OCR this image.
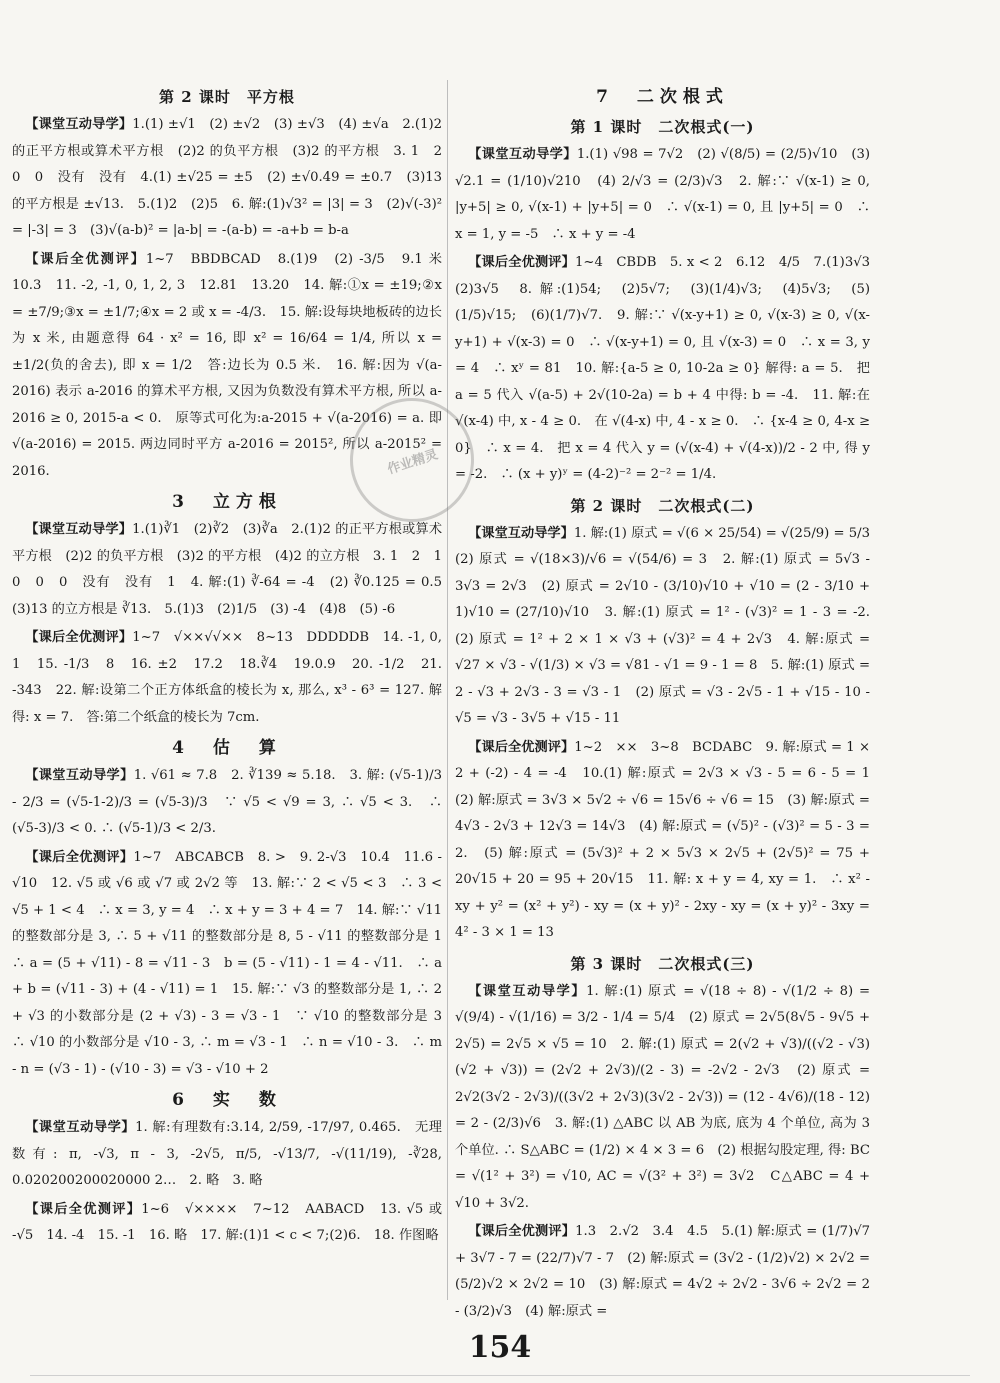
第 2 课时　平方根
【课堂互动导学】1.(1) ±√1　(2) ±√2　(3) ±√3　(4) ±√a　2.(1)2 的正平方根或算术平方根　(2)2 的负平方根　(3)2 的平方根　3. 1　2　0　0　没有　没有　4.(1) ±√25 = ±5　(2) ±√0.49 = ±0.7　(3)13 的平方根是 ±√13.　5.(1)2　(2)5　6. 解:(1)√3² = |3| = 3　(2)√(-3)² = |-3| = 3　(3)√(a-b)² = |a-b| = -(a-b) = -a+b = b-a
【课后全优测评】1~7　BBDBCAD　8.(1)9　(2) -3/5　9.1 米　10.3　11. -2, -1, 0, 1, 2, 3　12.81　13.20　14. 解:①x = ±19;②x = ±7/9;③x = ±1/7;④x = 2 或 x = -4/3.　15. 解:设每块地板砖的边长为 x 米, 由题意得 64 · x² = 16, 即 x² = 16/64 = 1/4, 所以 x = ±1/2(负的舍去), 即 x = 1/2　答:边长为 0.5 米.　16. 解:因为 √(a-2016) 表示 a-2016 的算术平方根, 又因为负数没有算术平方根, 所以 a-2016 ≥ 0, 2015-a < 0.　原等式可化为:a-2015 + √(a-2016) = a. 即 √(a-2016) = 2015. 两边同时平方 a-2016 = 2015², 所以 a-2015² = 2016.
3　立方根
【课堂互动导学】1.(1)∛1　(2)∛2　(3)∛a　2.(1)2 的正平方根或算术平方根　(2)2 的负平方根　(3)2 的平方根　(4)2 的立方根　3. 1　2　1　0　0　0　没有　没有　1　4. 解:(1) ∛-64 = -4　(2) ∛0.125 = 0.5　(3)13 的立方根是 ∛13.　5.(1)3　(2)1/5　(3) -4　(4)8　(5) -6
【课后全优测评】1~7　√××√√××　8~13　DDDDDB　14. -1, 0, 1　15. -1/3　8　16. ±2　17.2　18.∛4　19.0.9　20. -1/2　21. -343　22. 解:设第二个正方体纸盒的棱长为 x, 那么, x³ - 6³ = 127. 解得: x = 7.　答:第二个纸盒的棱长为 7cm.
4　估　算
【课堂互动导学】1. √61 ≈ 7.8　2. ∛139 ≈ 5.18.　3. 解: (√5-1)/3 - 2/3 = (√5-1-2)/3 = (√5-3)/3　∵ √5 < √9 = 3, ∴ √5 < 3.　∴ (√5-3)/3 < 0. ∴ (√5-1)/3 < 2/3.
【课后全优测评】1~7　ABCABCB　8. >　9. 2-√3　10.4　11.6 - √10　12. √5 或 √6 或 √7 或 2√2 等　13. 解:∵ 2 < √5 < 3　∴ 3 < √5 + 1 < 4　∴ x = 3, y = 4　∴ x + y = 3 + 4 = 7　14. 解:∵ √11 的整数部分是 3, ∴ 5 + √11 的整数部分是 8, 5 - √11 的整数部分是 1　∴ a = (5 + √11) - 8 = √11 - 3　b = (5 - √11) - 1 = 4 - √11.　∴ a + b = (√11 - 3) + (4 - √11) = 1　15. 解:∵ √3 的整数部分是 1, ∴ 2 + √3 的小数部分是 (2 + √3) - 3 = √3 - 1　∵ √10 的整数部分是 3　∴ √10 的小数部分是 √10 - 3, ∴ m = √3 - 1　∴ n = √10 - 3.　∴ m - n = (√3 - 1) - (√10 - 3) = √3 - √10 + 2
6　实　数
【课堂互动导学】1. 解:有理数有:3.14, 2/59, -17/97, 0.465.　无理数有: π, -√3, π - 3, -2√5, π/5, -√13/7, -√(11/19), -∛28, 0.020200200020000 2…　2. 略　3. 略
【课后全优测评】1~6　√××××　7~12　AABACD　13. √5 或 -√5　14. -4　15. -1　16. 略　17. 解:(1)1 < c < 7;(2)6.　18. 作图略
7　二次根式
第 1 课时　二次根式(一)
【课堂互动导学】1.(1) √98 = 7√2　(2) √(8/5) = (2/5)√10　(3) √2.1 = (1/10)√210　(4) 2/√3 = (2/3)√3　2. 解:∵ √(x-1) ≥ 0, |y+5| ≥ 0, √(x-1) + |y+5| = 0　∴ √(x-1) = 0, 且 |y+5| = 0　∴ x = 1, y = -5　∴ x + y = -4
【课后全优测评】1~4　CBDB　5. x < 2　6.12　4/5　7.(1)3√3　(2)3√5　8. 解:(1)54;　(2)5√7;　(3)(1/4)√3;　(4)5√3;　(5)(1/5)√15;　(6)(1/7)√7.　9. 解:∵ √(x-y+1) ≥ 0, √(x-3) ≥ 0, √(x-y+1) + √(x-3) = 0　∴ √(x-y+1) = 0, 且 √(x-3) = 0　∴ x = 3, y = 4　∴ xʸ = 81　10. 解:{a-5 ≥ 0, 10-2a ≥ 0} 解得: a = 5.　把 a = 5 代入 √(a-5) + 2√(10-2a) = b + 4 中得: b = -4.　11. 解:在 √(x-4) 中, x - 4 ≥ 0.　在 √(4-x) 中, 4 - x ≥ 0.　∴ {x-4 ≥ 0, 4-x ≥ 0}　∴ x = 4.　把 x = 4 代入 y = (√(x-4) + √(4-x))/2 - 2 中, 得 y = -2.　∴ (x + y)ʸ = (4-2)⁻² = 2⁻² = 1/4.
第 2 课时　二次根式(二)
【课堂互动导学】1. 解:(1) 原式 = √(6 × 25/54) = √(25/9) = 5/3　(2) 原式 = √(18×3)/√6 = √(54/6) = 3　2. 解:(1) 原式 = 5√3 - 3√3 = 2√3　(2) 原式 = 2√10 - (3/10)√10 + √10 = (2 - 3/10 + 1)√10 = (27/10)√10　3. 解:(1) 原式 = 1² - (√3)² = 1 - 3 = -2.　(2) 原式 = 1² + 2 × 1 × √3 + (√3)² = 4 + 2√3　4. 解:原式 = √27 × √3 - √(1/3) × √3 = √81 - √1 = 9 - 1 = 8　5. 解:(1) 原式 = 2 - √3 + 2√3 - 3 = √3 - 1　(2) 原式 = √3 - 2√5 - 1 + √15 - 10 - √5 = √3 - 3√5 + √15 - 11
【课后全优测评】1~2　××　3~8　BCDABC　9. 解:原式 = 1 × 2 + (-2) - 4 = -4　10.(1) 解:原式 = 2√3 × √3 - 5 = 6 - 5 = 1　(2) 解:原式 = 3√3 × 5√2 ÷ √6 = 15√6 ÷ √6 = 15　(3) 解:原式 = 4√3 - 2√3 + 12√3 = 14√3　(4) 解:原式 = (√5)² - (√3)² = 5 - 3 = 2.　(5) 解:原式 = (5√3)² + 2 × 5√3 × 2√5 + (2√5)² = 75 + 20√15 + 20 = 95 + 20√15　11. 解: x + y = 4, xy = 1.　∴ x² - xy + y² = (x² + y²) - xy = (x + y)² - 2xy - xy = (x + y)² - 3xy = 4² - 3 × 1 = 13
第 3 课时　二次根式(三)
【课堂互动导学】1. 解:(1) 原式 = √(18 ÷ 8) - √(1/2 ÷ 8) = √(9/4) - √(1/16) = 3/2 - 1/4 = 5/4　(2) 原式 = 2√5(8√5 - 9√5 + 2√5) = 2√5 × √5 = 10　2. 解:(1) 原式 = 2(√2 + √3)/((√2 - √3)(√2 + √3)) = (2√2 + 2√3)/(2 - 3) = -2√2 - 2√3　(2) 原式 = 2√2(3√2 - 2√3)/((3√2 + 2√3)(3√2 - 2√3)) = (12 - 4√6)/(18 - 12) = 2 - (2/3)√6　3. 解:(1) △ABC 以 AB 为底, 底为 4 个单位, 高为 3 个单位. ∴ S△ABC = (1/2) × 4 × 3 = 6　(2) 根据勾股定理, 得: BC = √(1² + 3²) = √10, AC = √(3² + 3²) = 3√2　C△ABC = 4 + √10 + 3√2.
【课后全优测评】1.3　2.√2　3.4　4.5　5.(1) 解:原式 = (1/7)√7 + 3√7 - 7 = (22/7)√7 - 7　(2) 解:原式 = (3√2 - (1/2)√2) × 2√2 = (5/2)√2 × 2√2 = 10　(3) 解:原式 = 4√2 ÷ 2√2 - 3√6 ÷ 2√2 = 2 - (3/2)√3　(4) 解:原式 =
作业精灵
154
